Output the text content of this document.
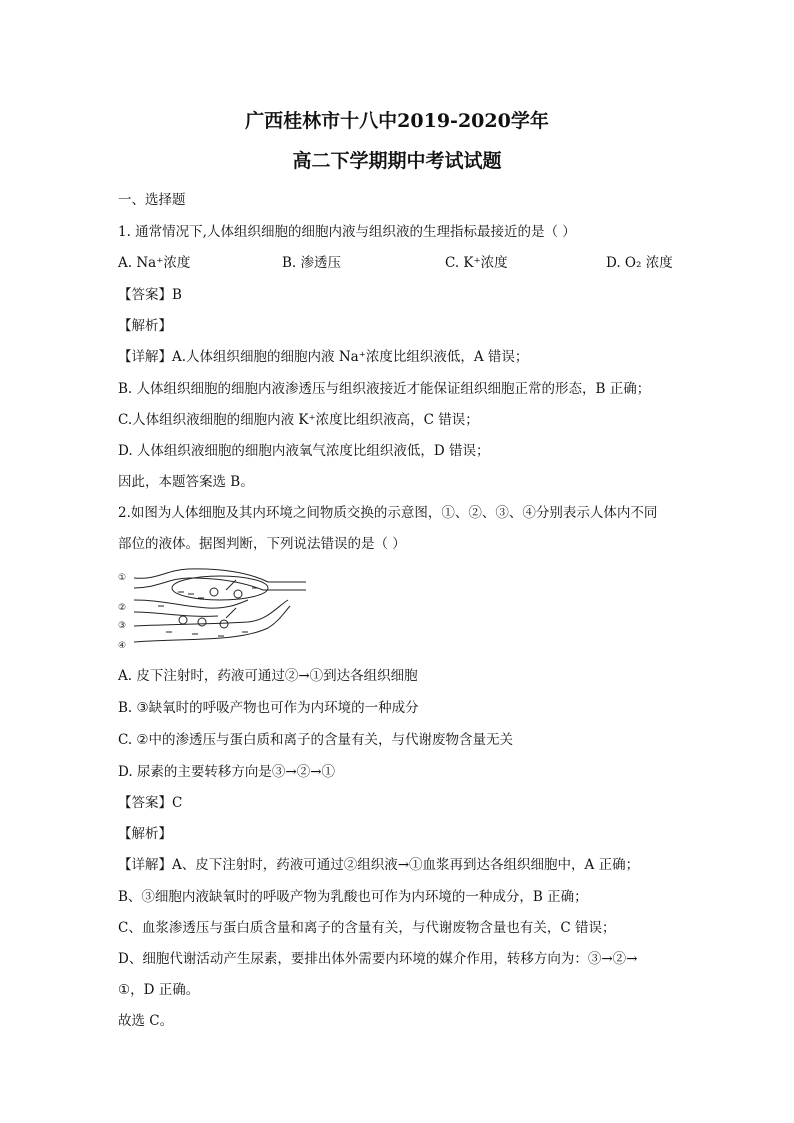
广西桂林市十八中2019-2020学年
高二下学期期中考试试题
一、选择题
1. 通常情况下,人体组织细胞的细胞内液与组织液的生理指标最接近的是（ ）
A. Na⁺浓度	B. 渗透压	C. K⁺浓度	D. O₂ 浓度
【答案】B
【解析】
【详解】A.人体组织细胞的细胞内液 Na⁺浓度比组织液低，A 错误；
B. 人体组织细胞的细胞内液渗透压与组织液接近才能保证组织细胞正常的形态，B 正确；
C.人体组织液细胞的细胞内液 K⁺浓度比组织液高，C 错误；
D. 人体组织液细胞的细胞内液氧气浓度比组织液低，D 错误；
因此，本题答案选 B。
2.如图为人体细胞及其内环境之间物质交换的示意图，①、②、③、④分别表示人体内不同
部位的液体。据图判断，下列说法错误的是（ ）
①
②
③
④
A. 皮下注射时，药液可通过②→①到达各组织细胞
B. ③缺氧时的呼吸产物也可作为内环境的一种成分
C. ②中的渗透压与蛋白质和离子的含量有关，与代谢废物含量无关
D. 尿素的主要转移方向是③→②→①
【答案】C
【解析】
【详解】A、皮下注射时，药液可通过②组织液→①血浆再到达各组织细胞中，A 正确；
B、③细胞内液缺氧时的呼吸产物为乳酸也可作为内环境的一种成分，B 正确；
C、血浆渗透压与蛋白质含量和离子的含量有关，与代谢废物含量也有关，C 错误；
D、细胞代谢活动产生尿素，要排出体外需要内环境的媒介作用，转移方向为：③→②→
①，D 正确。
故选 C。
